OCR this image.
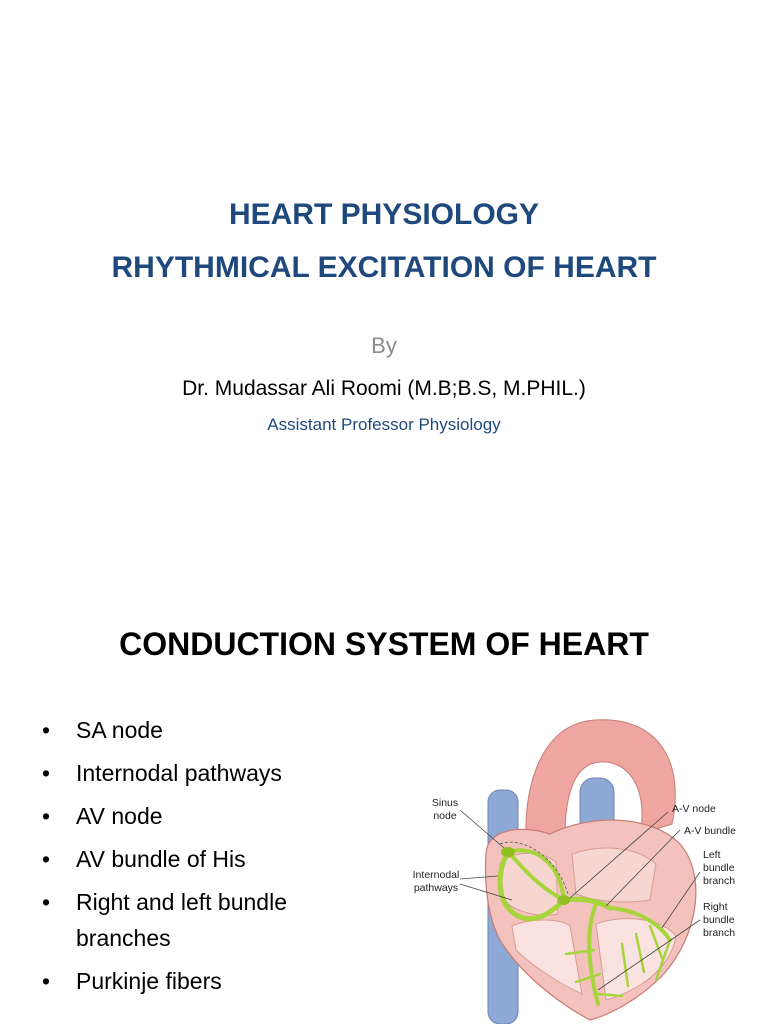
HEART PHYSIOLOGY
RHYTHMICAL EXCITATION OF HEART
By
Dr. Mudassar Ali Roomi (M.B;B.S, M.PHIL.)
Assistant Professor Physiology
CONDUCTION SYSTEM OF HEART
• SA node
• Internodal pathways
• AV node
• AV bundle of His
• Right and left bundle branches
• Purkinje fibers
Sinus
node
Internodal
pathways
A-V node
A-V bundle
Left
bundle
branch
Right
bundle
branch
